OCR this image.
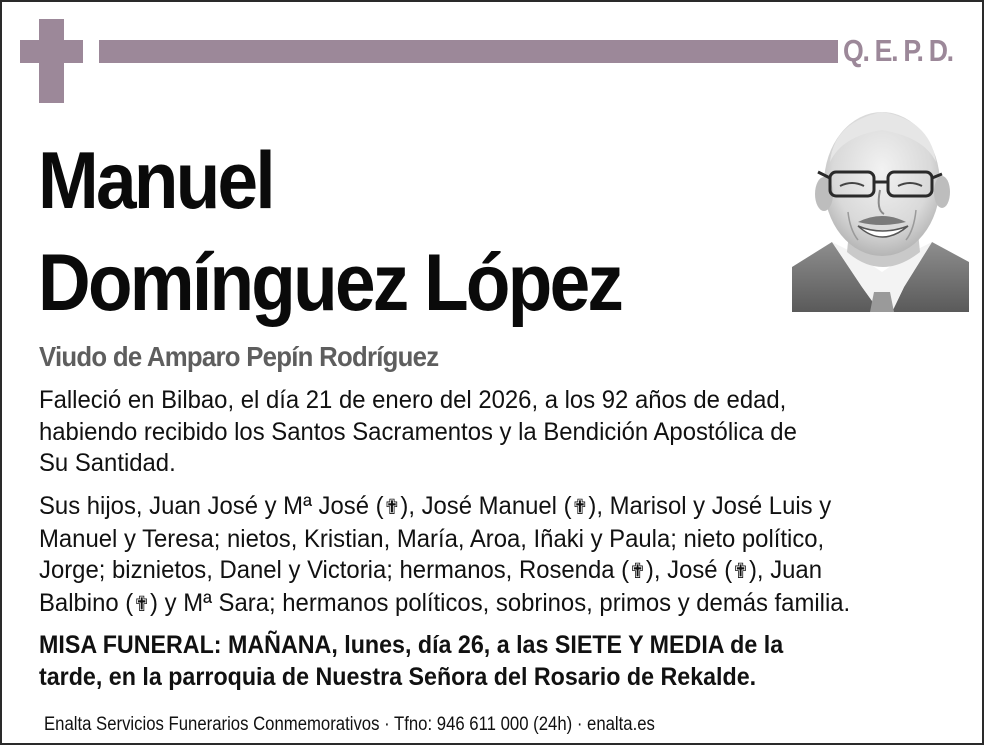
Q. E. P. D.
Manuel
Domínguez López
Viudo de Amparo Pepín Rodríguez
Falleció en Bilbao, el día 21 de enero del 2026, a los 92 años de edad,
habiendo recibido los Santos Sacramentos y la Bendición Apostólica de
Su Santidad.
Sus hijos, Juan José y Mª José (✟), José Manuel (✟), Marisol y José Luis y
Manuel y Teresa; nietos, Kristian, María, Aroa, Iñaki y Paula; nieto político,
Jorge; biznietos, Danel y Victoria; hermanos, Rosenda (✟), José (✟), Juan
Balbino (✟) y Mª Sara; hermanos políticos, sobrinos, primos y demás familia.
MISA FUNERAL: MAÑANA, lunes, día 26, a las SIETE Y MEDIA de la
tarde, en la parroquia de Nuestra Señora del Rosario de Rekalde.
Enalta Servicios Funerarios Conmemorativos · Tfno: 946 611 000 (24h) · enalta.es
